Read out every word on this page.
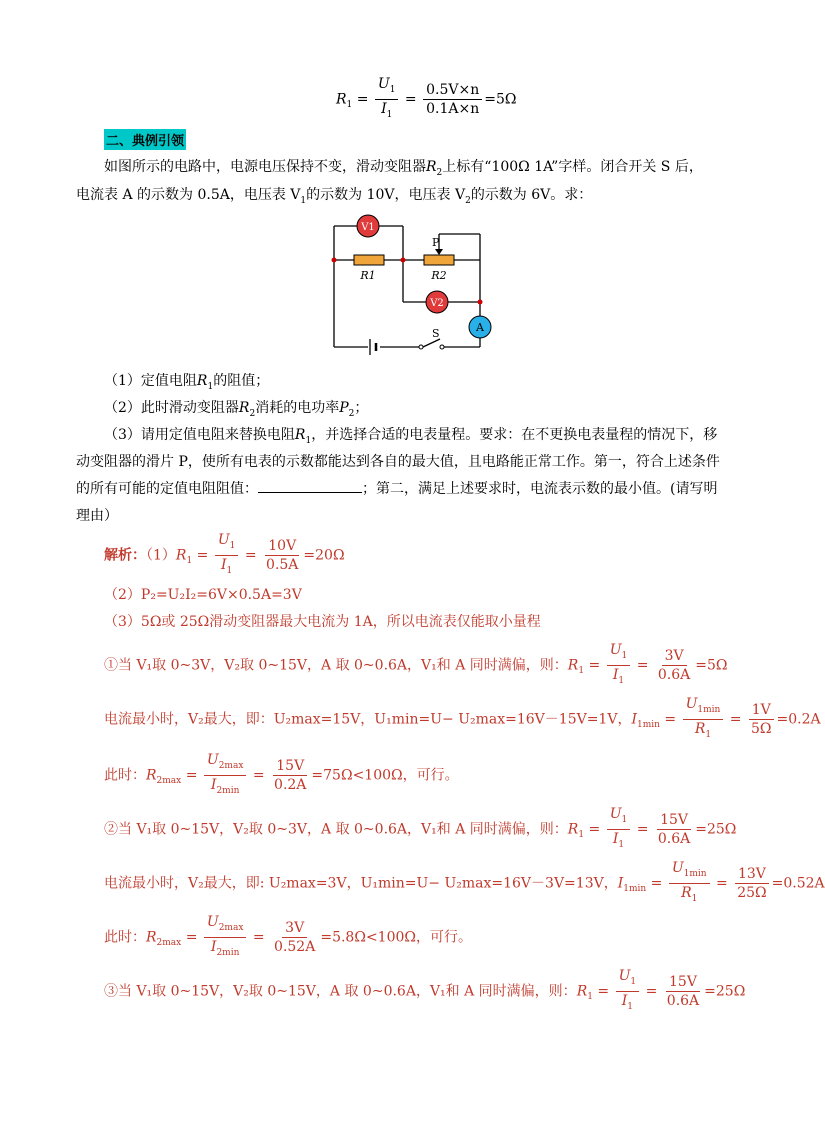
$R_1 = \frac{U_1}{I_1} = \frac{0.5V\times n}{0.1A\times n} =5\Omega$
二、典例引领
如图所示的电路中，电源电压保持不变，滑动变阻器$R_2$上标有“100Ω 1A”字样。闭合开关 S 后，
电流表 A 的示数为 0.5A，电压表 $V_1$的示数为 10V，电压表 $V_2$的示数为 6V。求：
V1
V2
A
R1	R2
P
S
（1）定值电阻$R_1$的阻值；
（2）此时滑动变阻器$R_2$消耗的电功率$P_2$；
（3）请用定值电阻来替换电阻$R_1$，并选择合适的电表量程。要求：在不更换电表量程的情况下，移
动变阻器的滑片 P，使所有电表的示数都能达到各自的最大值，且电路能正常工作。第一，符合上述条件
的所有可能的定值电阻阻值：	；第二，满足上述要求时，电流表示数的最小值。(请写明
理由）
解析：$(1)R_1 = \frac{U_1}{I_1} = \frac{10V}{0.5A} =20\Omega$
（2）P₂=U₂I₂=6V×0.5A=3V
（3）5Ω或 25Ω滑动变阻器最大电流为 1A，所以电流表仅能取小量程
①当 V₁取 0~3V，V₂取 0~15V，A 取 0~0.6A，V₁和 A 同时满偏，则：$R_1 = \frac{U_1}{I_1} = \frac{3V}{0.6A} =5\Omega$
电流最小时，V₂最大，即：U₂max=15V，U₁min=U− U₂max=16V－15V=1V，$I_{1min} = \frac{U_{1min}}{R_1} = \frac{1V}{5\Omega} =0.2A$
此时：$R_{2max} = \frac{U_{2max}}{I_{2min}} = \frac{15V}{0.2A} =75\Omega<100\Omega$，可行。
②当 V₁取 0~15V，V₂取 0~3V，A 取 0~0.6A，V₁和 A 同时满偏，则：$R_1 = \frac{U_1}{I_1} = \frac{15V}{0.6A} =25\Omega$
电流最小时，V₂最大，即: U₂max=3V，U₁min=U− U₂max=16V－3V=13V，$I_{1min} = \frac{U_{1min}}{R_1} = \frac{13V}{25\Omega} =0.52A$
此时：$R_{2max} = \frac{U_{2max}}{I_{2min}} = \frac{3V}{0.52A} =5.8\Omega<100\Omega$，可行。
③当 V₁取 0~15V，V₂取 0~15V，A 取 0~0.6A，V₁和 A 同时满偏，则：$R_1 = \frac{U_1}{I_1} = \frac{15V}{0.6A} =25\Omega$
